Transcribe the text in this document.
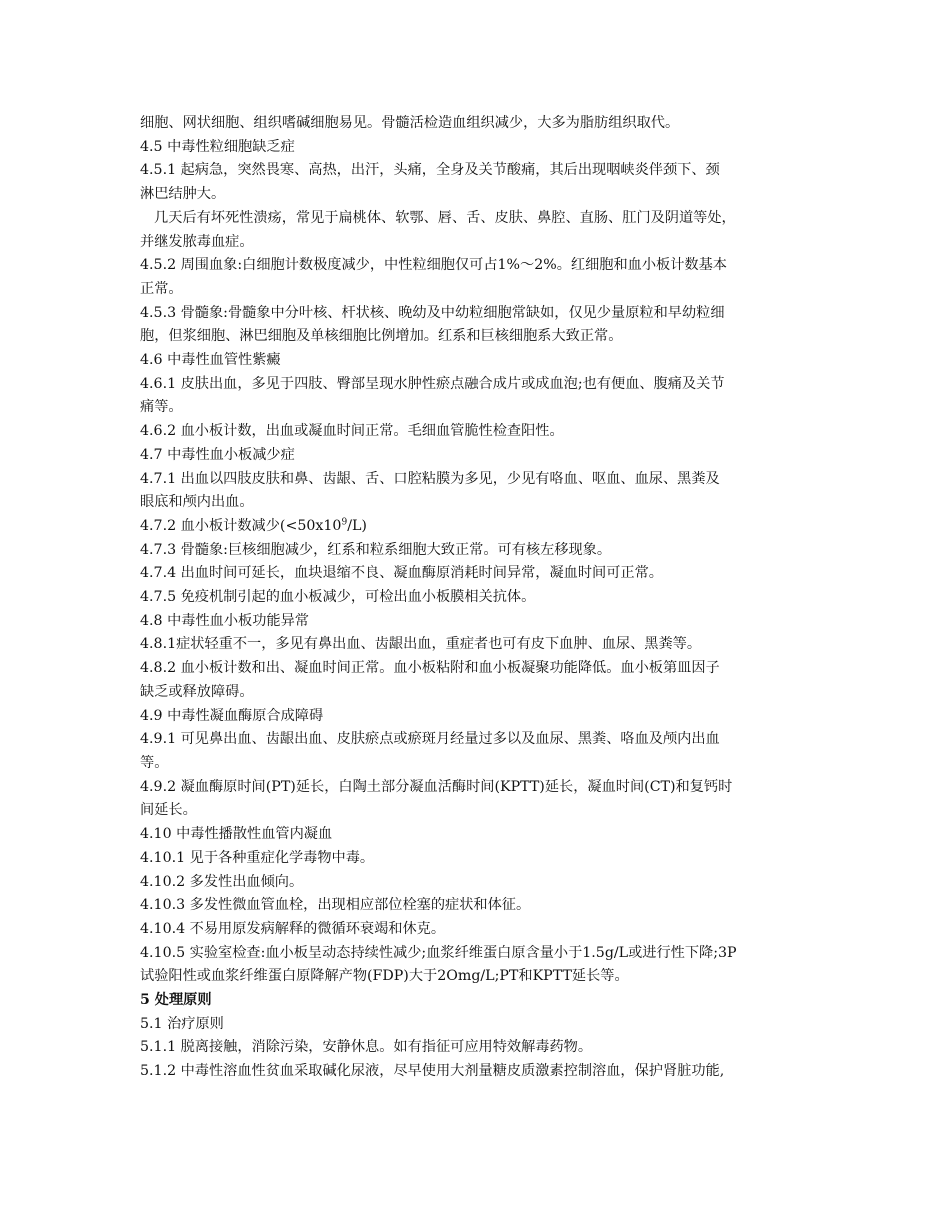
细胞、网状细胞、组织嗜碱细胞易见。骨髓活检造血组织减少，大多为脂肪组织取代。
4.5 中毒性粒细胞缺乏症
4.5.1 起病急，突然畏寒、高热，出汗，头痛，全身及关节酸痛，其后出现咽峡炎伴颈下、颈
淋巴结肿大。
几天后有坏死性溃疡，常见于扁桃体、软鄂、唇、舌、皮肤、鼻腔、直肠、肛门及阴道等处，
并继发脓毒血症。
4.5.2 周围血象:白细胞计数极度减少，中性粒细胞仅可占1%～2%。红细胞和血小板计数基本
正常。
4.5.3 骨髓象:骨髓象中分叶核、杆状核、晚幼及中幼粒细胞常缺如，仅见少量原粒和早幼粒细
胞，但浆细胞、淋巴细胞及单核细胞比例增加。红系和巨核细胞系大致正常。
4.6 中毒性血管性紫癜
4.6.1 皮肤出血，多见于四肢、臀部呈现水肿性瘀点融合成片或成血泡;也有便血、腹痛及关节
痛等。
4.6.2 血小板计数，出血或凝血时间正常。毛细血管脆性检查阳性。
4.7 中毒性血小板减少症
4.7.1 出血以四肢皮肤和鼻、齿龈、舌、口腔粘膜为多见，少见有咯血、呕血、血尿、黑粪及
眼底和颅内出血。
4.7.2 血小板计数减少$(<50x10^9/L)$
4.7.3 骨髓象:巨核细胞减少，红系和粒系细胞大致正常。可有核左移现象。
4.7.4 出血时间可延长，血块退缩不良、凝血酶原消耗时间异常，凝血时间可正常。
4.7.5 免疫机制引起的血小板减少，可检出血小板膜相关抗体。
4.8 中毒性血小板功能异常
4.8.1症状轻重不一，多见有鼻出血、齿龈出血，重症者也可有皮下血肿、血尿、黑粪等。
4.8.2 血小板计数和出、凝血时间正常。血小板粘附和血小板凝聚功能降低。血小板第皿因子
缺乏或释放障碍。
4.9 中毒性凝血酶原合成障碍
4.9.1 可见鼻出血、齿龈出血、皮肤瘀点或瘀斑月经量过多以及血尿、黑粪、咯血及颅内出血
等。
4.9.2 凝血酶原时间(PT)延长，白陶土部分凝血活酶时间(KPTT)延长，凝血时间(CT)和复钙时
间延长。
4.10 中毒性播散性血管内凝血
4.10.1 见于各种重症化学毒物中毒。
4.10.2 多发性出血倾向。
4.10.3 多发性微血管血栓，出现相应部位栓塞的症状和体征。
4.10.4 不易用原发病解释的微循环衰竭和休克。
4.10.5 实验室检查:血小板呈动态持续性减少;血浆纤维蛋白原含量小于1.5g/L或进行性下降;3P
试验阳性或血浆纤维蛋白原降解产物(FDP)大于2Omg/L;PT和KPTT延长等。
5 处理原则
5.1 治疗原则
5.1.1 脱离接触，消除污染，安静休息。如有指征可应用特效解毒药物。
5.1.2 中毒性溶血性贫血采取碱化尿液，尽早使用大剂量糖皮质激素控制溶血，保护肾脏功能,
